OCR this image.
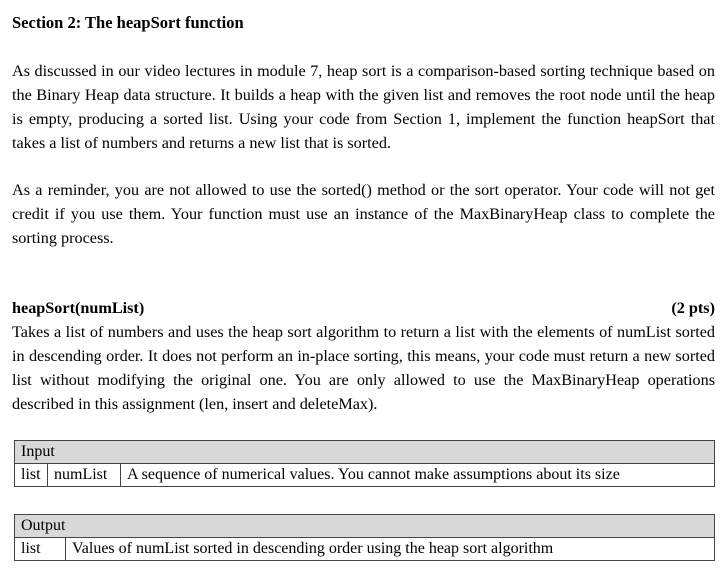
Section 2: The heapSort function
As discussed in our video lectures in module 7, heap sort is a comparison-based sorting technique based on the Binary Heap data structure. It builds a heap with the given list and removes the root node until the heap is empty, producing a sorted list. Using your code from Section 1, implement the function heapSort that takes a list of numbers and returns a new list that is sorted.
As a reminder, you are not allowed to use the sorted() method or the sort operator. Your code will not get credit if you use them. Your function must use an instance of the MaxBinaryHeap class to complete the sorting process.
heapSort(numList)	(2 pts)
Takes a list of numbers and uses the heap sort algorithm to return a list with the elements of numList sorted in descending order. It does not perform an in-place sorting, this means, your code must return a new sorted list without modifying the original one. You are only allowed to use the MaxBinaryHeap operations described in this assignment (len, insert and deleteMax).
Input
list	numList	A sequence of numerical values. You cannot make assumptions about its size
Output
list	Values of numList sorted in descending order using the heap sort algorithm
